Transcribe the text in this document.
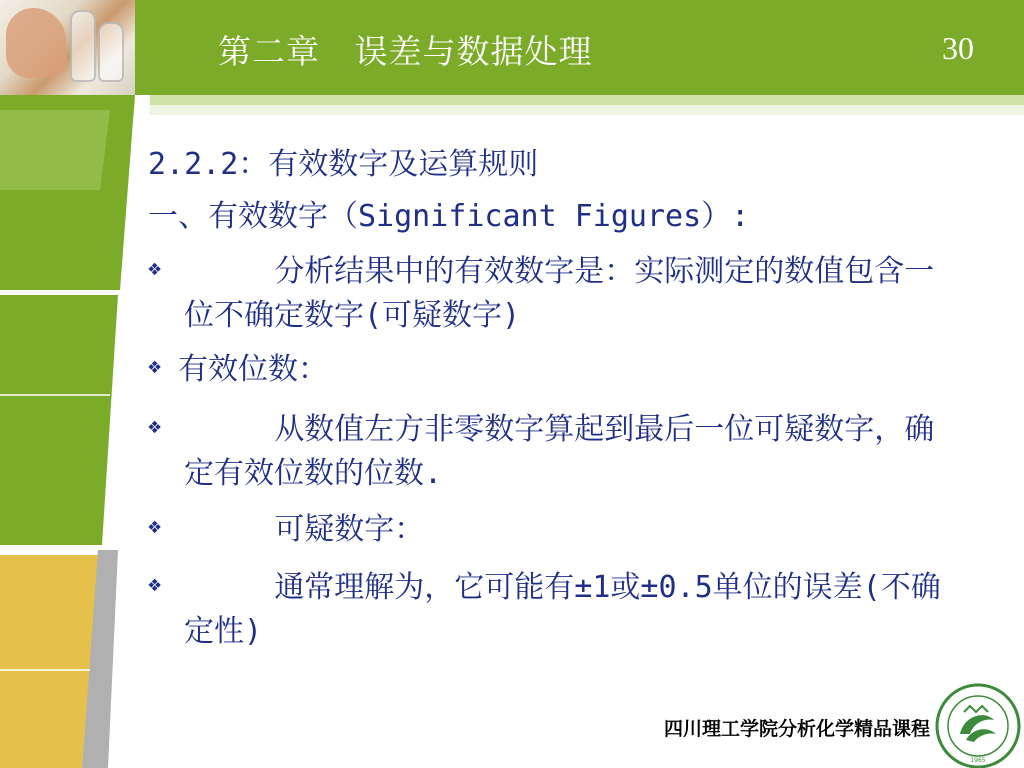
第二章   误差与数据处理	30

2.2.2：有效数字及运算规则

一、有效数字（Significant Figures）:

❖ 分析结果中的有效数字是：实际测定的数值包含一位不确定数字(可疑数字)
❖ 有效位数：
❖ 从数值左方非零数字算起到最后一位可疑数字，确定有效位数的位数.
❖ 可疑数字：
❖ 通常理解为，它可能有±1或±0.5单位的误差(不确定性)
四川理工学院分析化学精品课程
1965
